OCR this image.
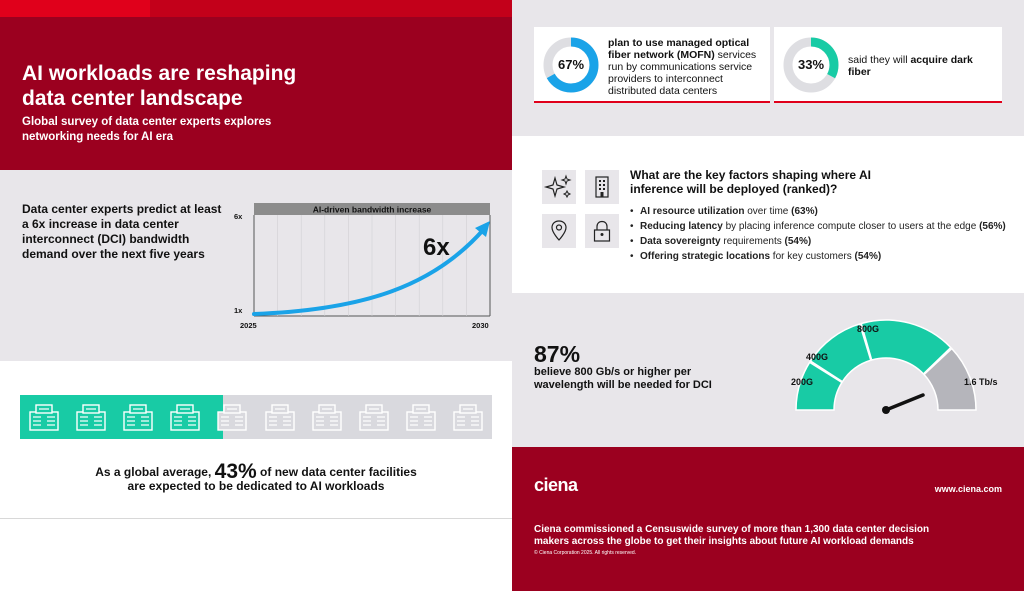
AI workloads are reshaping data center landscape

Global survey of data center experts explores networking needs for AI era

Data center experts predict at least a 6x increase in data center interconnect (DCI) bandwidth demand over the next five years
AI-driven bandwidth increase
6x
6x
1x
2025	2030
As a global average, 43% of new data center facilities
are expected to be dedicated to AI workloads
67%
plan to use managed optical fiber network (MOFN) services run by communications service providers to interconnect distributed data centers
33%	said they will acquire dark fiber
What are the key factors shaping where AI inference will be deployed (ranked)?
• AI resource utilization over time (63%)
• Reducing latency by placing inference compute closer to users at the edge (56%)
• Data sovereignty requirements (54%)
• Offering strategic locations for key customers (54%)
87%
believe 800 Gb/s or higher per wavelength will be needed for DCI	200G
400G
800G
1.6 Tb/s
ciena	www.ciena.com
Ciena commissioned a Censuswide survey of more than 1,300 data center decision makers across the globe to get their insights about future AI workload demands
© Ciena Corporation 2025. All rights reserved.
